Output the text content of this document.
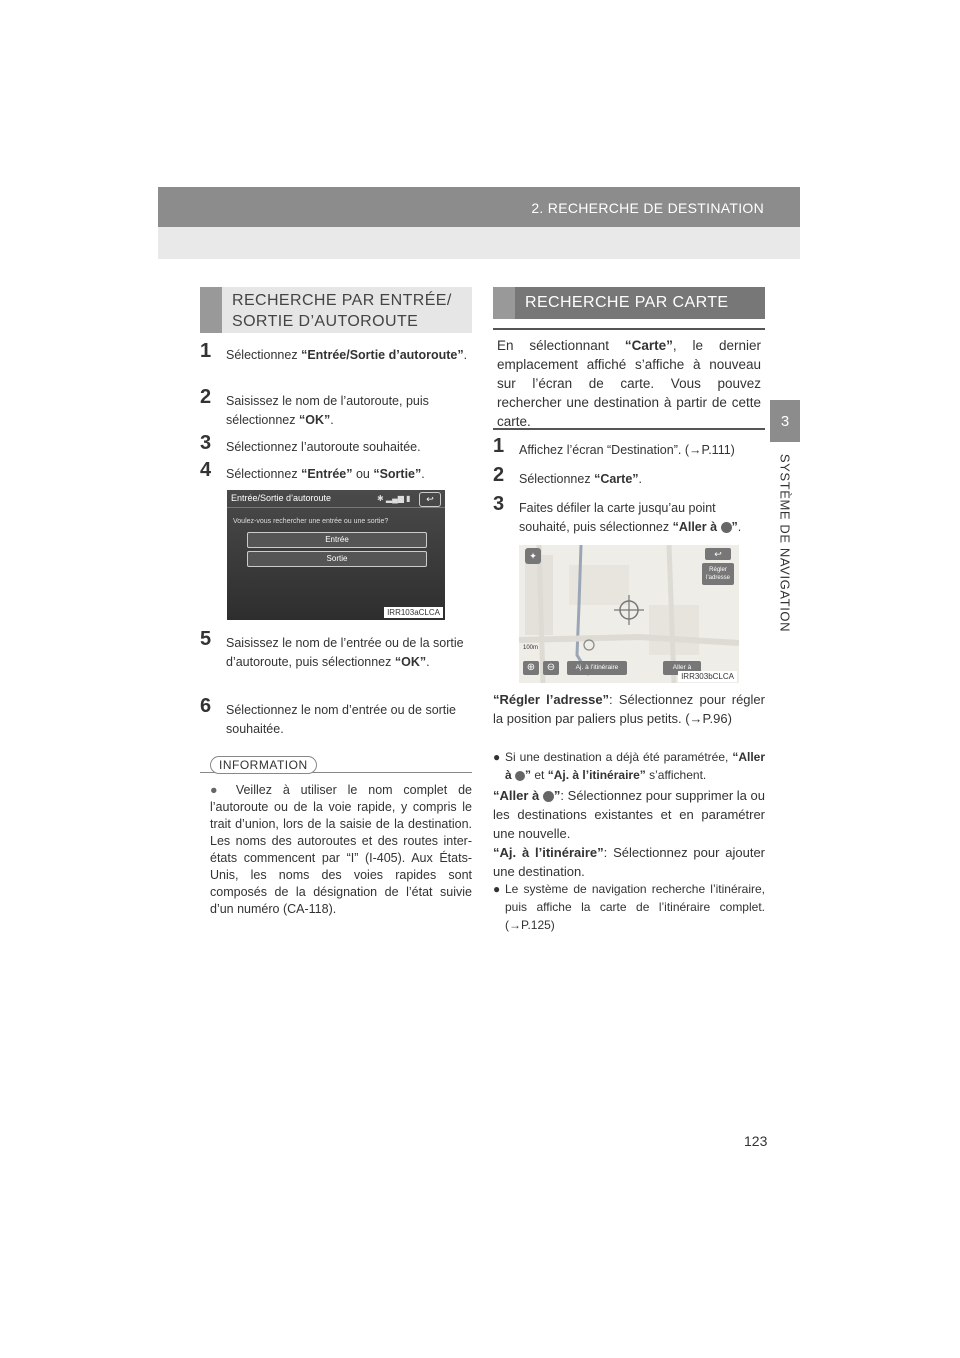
2. RECHERCHE DE DESTINATION
3
SYSTÈME DE NAVIGATION
RECHERCHE PAR ENTRÉE/
SORTIE D’AUTOROUTE
1 Sélectionnez “Entrée/Sortie d’autoroute”.
2 Saisissez le nom de l’autoroute, puis sélectionnez “OK”.
3 Sélectionnez l’autoroute souhaitée.
4 Sélectionnez “Entrée” ou “Sortie”.
Entrée/Sortie d’autoroute	✱ ▂▄▆ ▮	↩
Voulez-vous rechercher une entrée ou une sortie?
Entrée
Sortie
IRR103aCLCA
5 Saisissez le nom de l’entrée ou de la sortie d’autoroute, puis sélectionnez “OK”.
6 Sélectionnez le nom d’entrée ou de sortie souhaitée.
INFORMATION
● Veillez à utiliser le nom complet de l’autoroute ou de la voie rapide, y compris le trait d’union, lors de la saisie de la destination. Les noms des autoroutes et des routes inter-états commencent par “I” (I-405). Aux États-Unis, les noms des voies rapides sont composés de la désignation de l’état suivie d’un numéro (CA-118).
RECHERCHE PAR CARTE
En sélectionnant “Carte”, le dernier emplacement affiché s’affiche à nouveau sur l’écran de carte. Vous pouvez rechercher une destination à partir de cette carte.
1 Affichez l’écran “Destination”. (→P.111)
2 Sélectionnez “Carte”.
3 Faites défiler la carte jusqu’au point souhaité, puis sélectionnez “Aller à ”.
✦	↩
Régler l’adresse
100m
⊕	⊖	Aj. à l’itinéraire	Aller à
IRR303bCLCA
“Régler l’adresse”: Sélectionnez pour régler la position par paliers plus petits. (→P.96)
● Si une destination a déjà été paramétrée, “Aller à ” et “Aj. à l’itinéraire” s’affichent.
“Aller à ”: Sélectionnez pour supprimer la ou les destinations existantes et en paramétrer une nouvelle.
“Aj. à l’itinéraire”: Sélectionnez pour ajouter une destination.
● Le système de navigation recherche l’itinéraire, puis affiche la carte de l’itinéraire complet. (→P.125)
123
